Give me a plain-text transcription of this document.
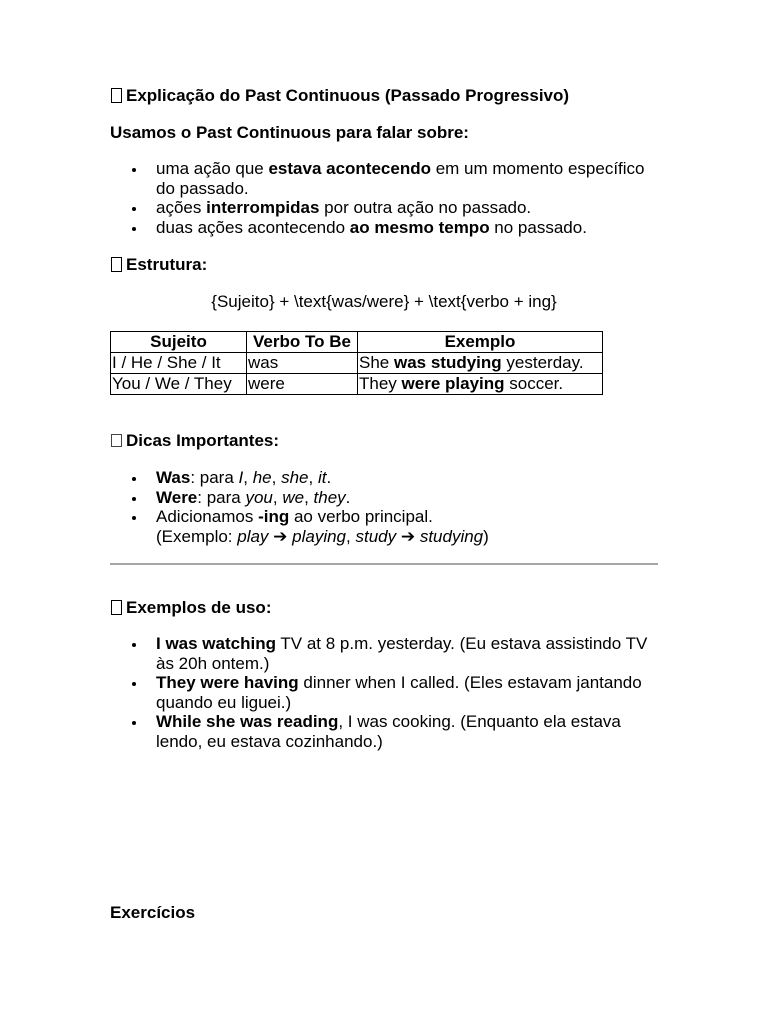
Explicação do Past Continuous (Passado Progressivo)
Usamos o Past Continuous para falar sobre:
uma ação que estava acontecendo em um momento específico do passado.
ações interrompidas por outra ação no passado.
duas ações acontecendo ao mesmo tempo no passado.
Estrutura:
{Sujeito} + \text{was/were} + \text{verbo + ing}
Sujeito	Verbo To Be	Exemplo
I / He / She / It	was	She was studying yesterday.
You / We / They	were	They were playing soccer.
Dicas Importantes:
Was: para I, he, she, it.
Were: para you, we, they.
Adicionamos -ing ao verbo principal.
(Exemplo: play ➔ playing, study ➔ studying)
Exemplos de uso:
I was watching TV at 8 p.m. yesterday. (Eu estava assistindo TV às 20h ontem.)
They were having dinner when I called. (Eles estavam jantando quando eu liguei.)
While she was reading, I was cooking. (Enquanto ela estava lendo, eu estava cozinhando.)
Exercícios
